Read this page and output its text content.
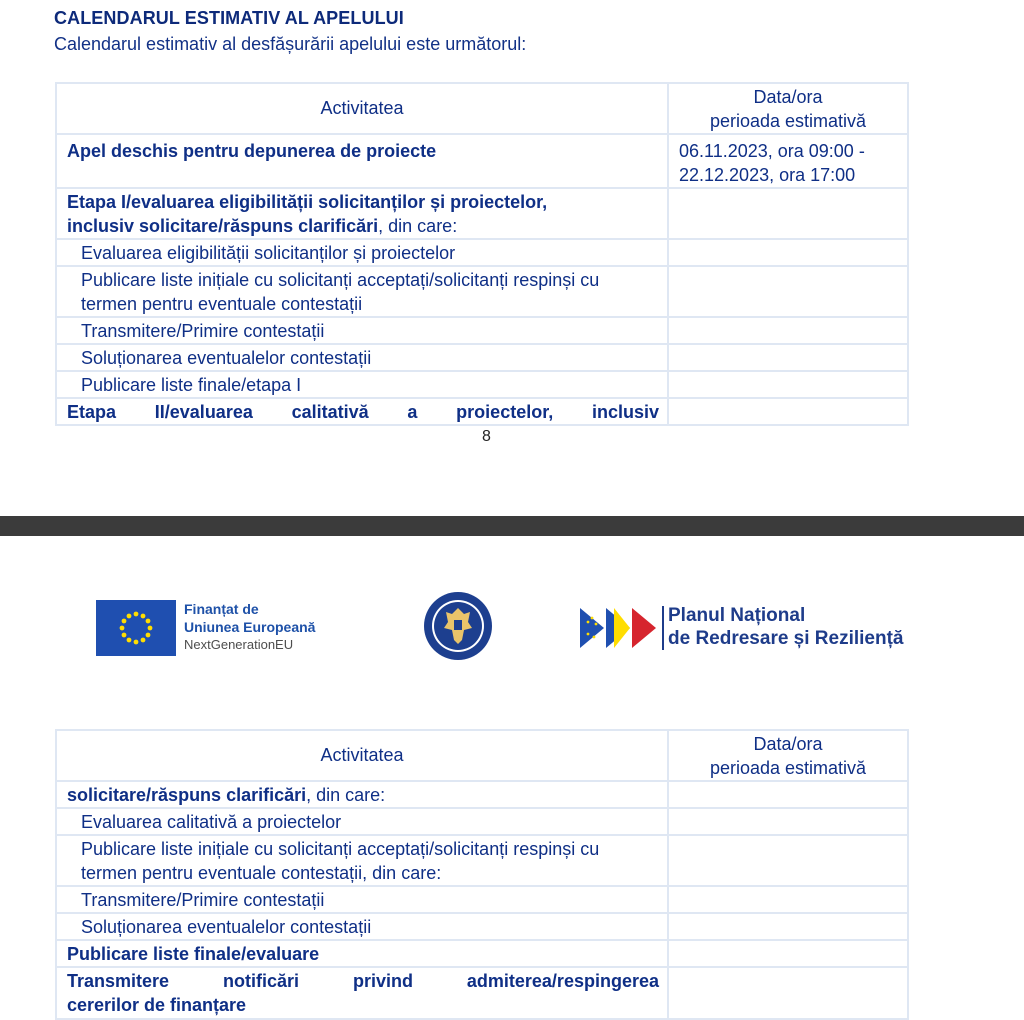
CALENDARUL ESTIMATIV AL APELULUI
Calendarul estimativ al desfășurării apelului este următorul:
Activitatea	Data/ora
perioada estimativă

Apel deschis pentru depunerea de proiecte	06.11.2023, ora 09:00 -
22.12.2023, ora 17:00

Etapa I/evaluarea eligibilității solicitanților și proiectelor,
inclusiv solicitare/răspuns clarificări, din care:	

Evaluarea eligibilității solicitanților și proiectelor	

Publicare liste inițiale cu solicitanți acceptați/solicitanți respinși cu
termen pentru eventuale contestații	

Transmitere/Primire contestații	

Soluționarea eventualelor contestații	

Publicare liste finale/etapa I	

Etapa II/evaluarea calitativă a proiectelor, inclusiv	

8
Finanțat de
Uniunea Europeană
NextGenerationEU
Planul Național
de Redresare și Reziliență
Activitatea	Data/ora
perioada estimativă

solicitare/răspuns clarificări, din care:	

Evaluarea calitativă a proiectelor	

Publicare liste inițiale cu solicitanți acceptați/solicitanți respinși cu
termen pentru eventuale contestații, din care:	

Transmitere/Primire contestații	

Soluționarea eventualelor contestații	

Publicare liste finale/evaluare	

Transmitere notificări privind admiterea/respingerea
cererilor de finanțare	
